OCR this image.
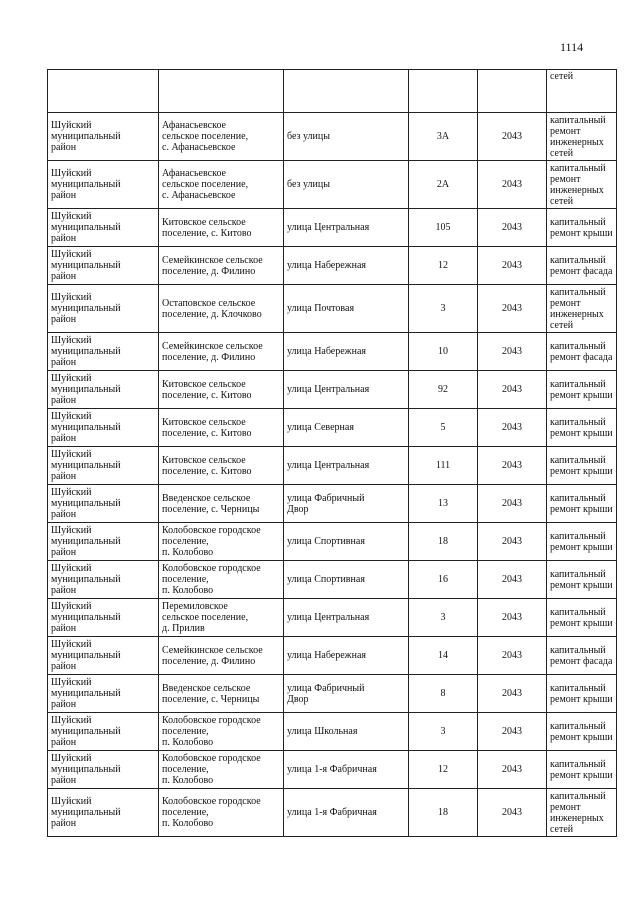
1114
					сетей
Шуйский
муниципальный
район	Афанасьевское
сельское поселение,
с. Афанасьевское	без улицы	3А	2043	капитальный
ремонт
инженерных
сетей
Шуйский
муниципальный
район	Афанасьевское
сельское поселение,
с. Афанасьевское	без улицы	2А	2043	капитальный
ремонт
инженерных
сетей
Шуйский
муниципальный
район	Китовское сельское
поселение, с. Китово	улица Центральная	105	2043	капитальный
ремонт крыши
Шуйский
муниципальный
район	Семейкинское сельское
поселение, д. Филино	улица Набережная	12	2043	капитальный
ремонт фасада
Шуйский
муниципальный
район	Остаповское сельское
поселение, д. Клочково	улица Почтовая	3	2043	капитальный
ремонт
инженерных
сетей
Шуйский
муниципальный
район	Семейкинское сельское
поселение, д. Филино	улица Набережная	10	2043	капитальный
ремонт фасада
Шуйский
муниципальный
район	Китовское сельское
поселение, с. Китово	улица Центральная	92	2043	капитальный
ремонт крыши
Шуйский
муниципальный
район	Китовское сельское
поселение, с. Китово	улица Северная	5	2043	капитальный
ремонт крыши
Шуйский
муниципальный
район	Китовское сельское
поселение, с. Китово	улица Центральная	111	2043	капитальный
ремонт крыши
Шуйский
муниципальный
район	Введенское сельское
поселение, с. Черницы	улица Фабричный
Двор	13	2043	капитальный
ремонт крыши
Шуйский
муниципальный
район	Колобовское городское
поселение,
п. Колобово	улица Спортивная	18	2043	капитальный
ремонт крыши
Шуйский
муниципальный
район	Колобовское городское
поселение,
п. Колобово	улица Спортивная	16	2043	капитальный
ремонт крыши
Шуйский
муниципальный
район	Перемиловское
сельское поселение,
д. Прилив	улица Центральная	3	2043	капитальный
ремонт крыши
Шуйский
муниципальный
район	Семейкинское сельское
поселение, д. Филино	улица Набережная	14	2043	капитальный
ремонт фасада
Шуйский
муниципальный
район	Введенское сельское
поселение, с. Черницы	улица Фабричный
Двор	8	2043	капитальный
ремонт крыши
Шуйский
муниципальный
район	Колобовское городское
поселение,
п. Колобово	улица Школьная	3	2043	капитальный
ремонт крыши
Шуйский
муниципальный
район	Колобовское городское
поселение,
п. Колобово	улица 1-я Фабричная	12	2043	капитальный
ремонт крыши
Шуйский
муниципальный
район	Колобовское городское
поселение,
п. Колобово	улица 1-я Фабричная	18	2043	капитальный
ремонт
инженерных
сетей
